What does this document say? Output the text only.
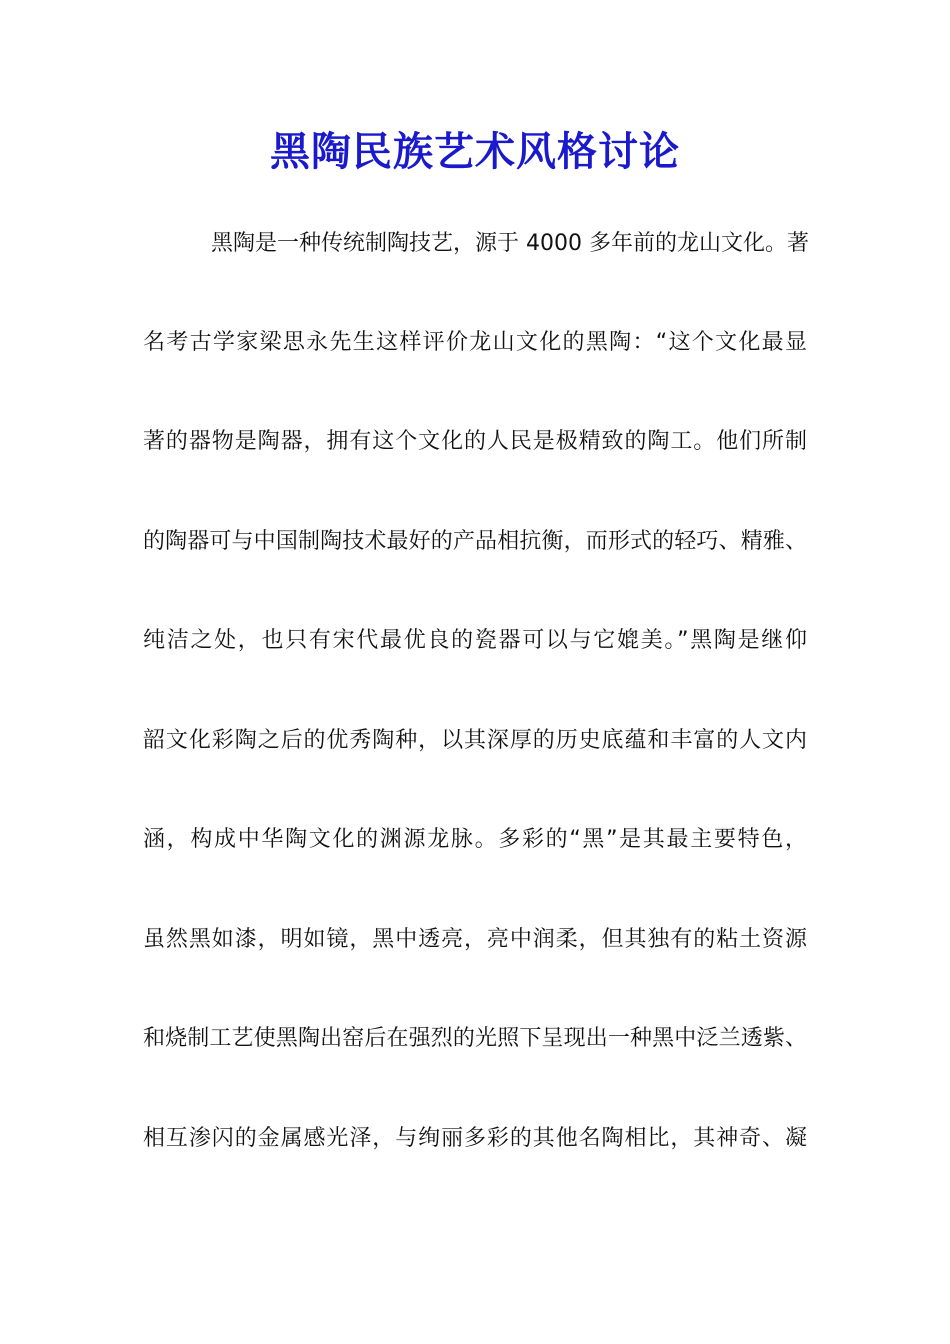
黑陶民族艺术风格讨论
黑陶是一种传统制陶技艺，源于 4000 多年前的龙山文化。著
名考古学家梁思永先生这样评价龙山文化的黑陶：“这个文化最显
著的器物是陶器，拥有这个文化的人民是极精致的陶工。他们所制
的陶器可与中国制陶技术最好的产品相抗衡，而形式的轻巧、精雅、
纯洁之处，也只有宋代最优良的瓷器可以与它媲美。”黑陶是继仰
韶文化彩陶之后的优秀陶种，以其深厚的历史底蕴和丰富的人文内
涵，构成中华陶文化的渊源龙脉。多彩的“黑”是其最主要特色，
虽然黑如漆，明如镜，黑中透亮，亮中润柔，但其独有的粘土资源
和烧制工艺使黑陶出窑后在强烈的光照下呈现出一种黑中泛兰透紫、
相互渗闪的金属感光泽，与绚丽多彩的其他名陶相比，其神奇、凝
